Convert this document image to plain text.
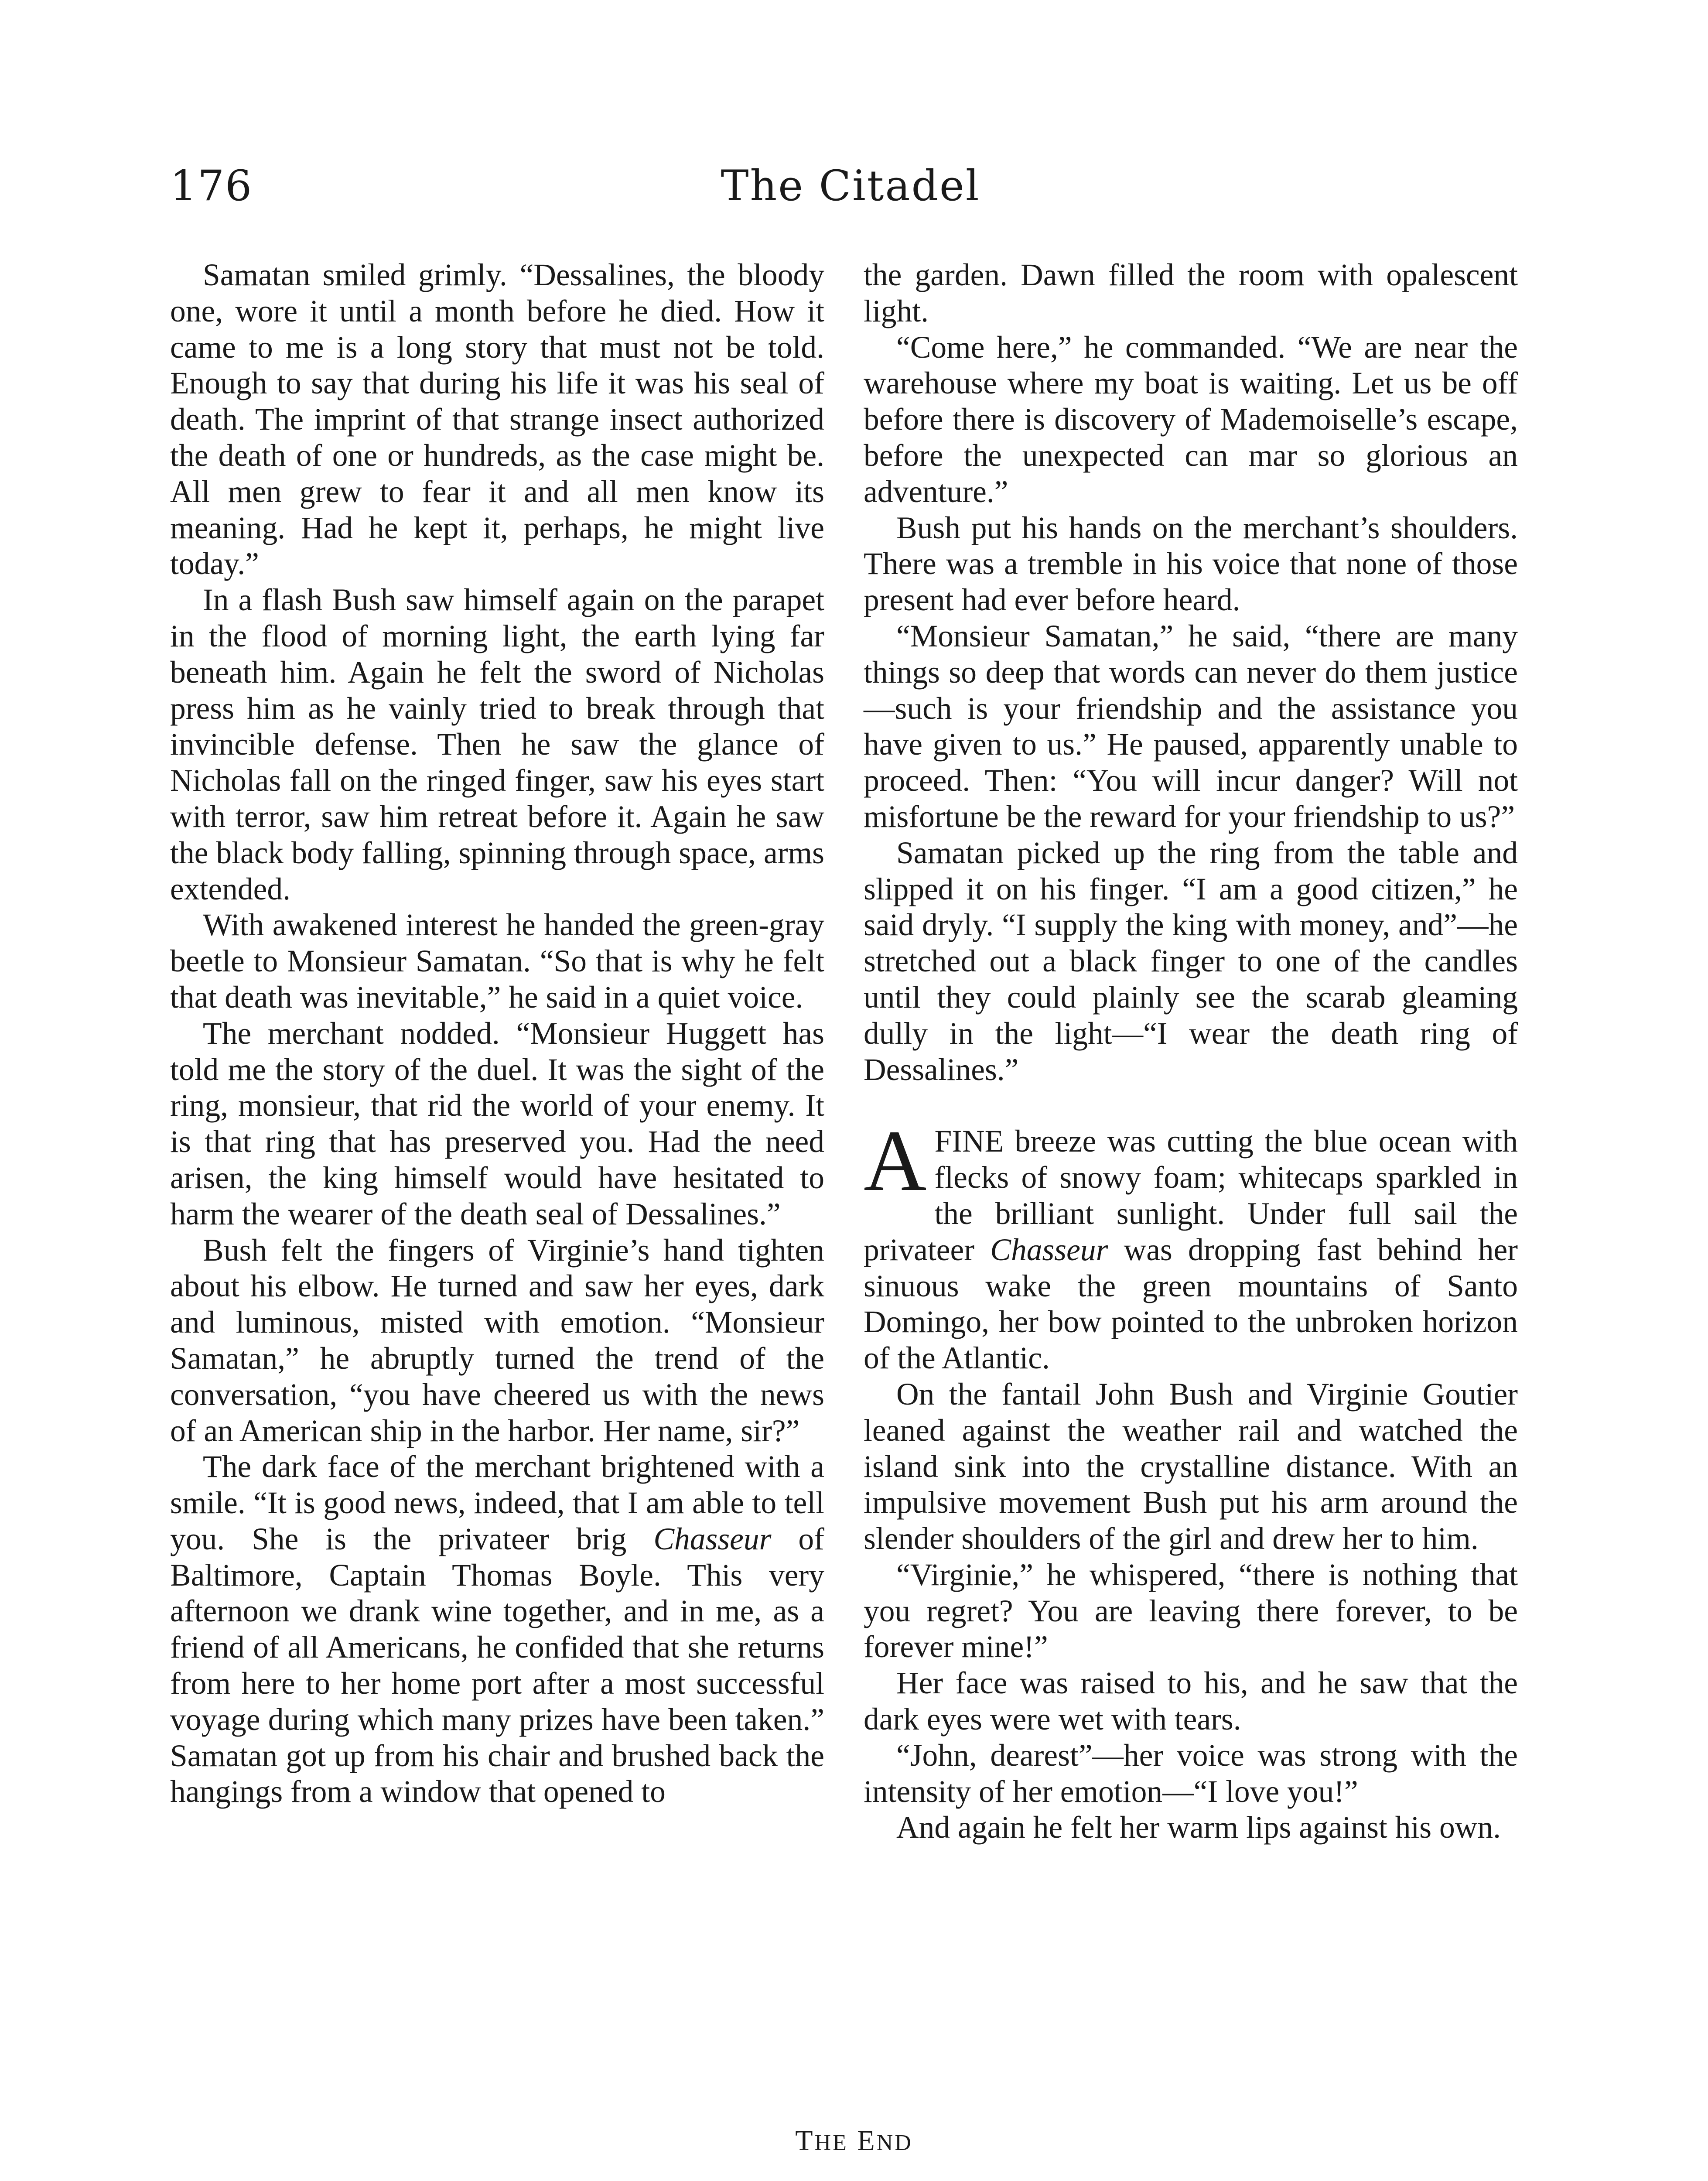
176	The Citadel

Samatan smiled grimly. “Dessalines, the bloody one, wore it until a month before he died. How it came to me is a long story that must not be told. Enough to say that during his life it was his seal of death. The imprint of that strange insect authorized the death of one or hundreds, as the case might be. All men grew to fear it and all men know its meaning. Had he kept it, perhaps, he might live today.”

In a flash Bush saw himself again on the parapet in the flood of morning light, the earth lying far beneath him. Again he felt the sword of Nicholas press him as he vainly tried to break through that invincible defense. Then he saw the glance of Nicholas fall on the ringed finger, saw his eyes start with terror, saw him retreat before it. Again he saw the black body falling, spinning through space, arms extended.

With awakened interest he handed the green-gray beetle to Monsieur Samatan. “So that is why he felt that death was inevitable,” he said in a quiet voice.

The merchant nodded. “Monsieur Huggett has told me the story of the duel. It was the sight of the ring, monsieur, that rid the world of your enemy. It is that ring that has preserved you. Had the need arisen, the king himself would have hesitated to harm the wearer of the death seal of Dessalines.”

Bush felt the fingers of Virginie’s hand tighten about his elbow. He turned and saw her eyes, dark and luminous, misted with emotion. “Monsieur Samatan,” he abruptly turned the trend of the conversation, “you have cheered us with the news of an American ship in the harbor. Her name, sir?”

The dark face of the merchant brightened with a smile. “It is good news, indeed, that I am able to tell you. She is the privateer brig Chasseur of Baltimore, Captain Thomas Boyle. This very afternoon we drank wine together, and in me, as a friend of all Americans, he confided that she returns from here to her home port after a most successful voyage during which many prizes have been taken.” Samatan got up from his chair and brushed back the hangings from a window that opened to

the garden. Dawn filled the room with opalescent light.

“Come here,” he commanded. “We are near the warehouse where my boat is waiting. Let us be off before there is discovery of Mademoiselle’s escape, before the unexpected can mar so glorious an adventure.”

Bush put his hands on the merchant’s shoulders. There was a tremble in his voice that none of those present had ever before heard.

“Monsieur Samatan,” he said, “there are many things so deep that words can never do them justice—such is your friendship and the assistance you have given to us.” He paused, apparently unable to proceed. Then: “You will incur danger? Will not misfortune be the reward for your friendship to us?”

Samatan picked up the ring from the table and slipped it on his finger. “I am a good citizen,” he said dryly. “I supply the king with money, and”—he stretched out a black finger to one of the candles until they could plainly see the scarab gleaming dully in the light—“I wear the death ring of Dessalines.”

AFINE breeze was cutting the blue ocean with flecks of snowy foam; whitecaps sparkled in the brilliant sunlight. Under full sail the privateer Chasseur was dropping fast behind her sinuous wake the green mountains of Santo Domingo, her bow pointed to the unbroken horizon of the Atlantic.

On the fantail John Bush and Virginie Goutier leaned against the weather rail and watched the island sink into the crystalline distance. With an impulsive movement Bush put his arm around the slender shoulders of the girl and drew her to him.

“Virginie,” he whispered, “there is nothing that you regret? You are leaving there forever, to be forever mine!”

Her face was raised to his, and he saw that the dark eyes were wet with tears.

“John, dearest”—her voice was strong with the intensity of her emotion—“I love you!”

And again he felt her warm lips against his own.

THE END
